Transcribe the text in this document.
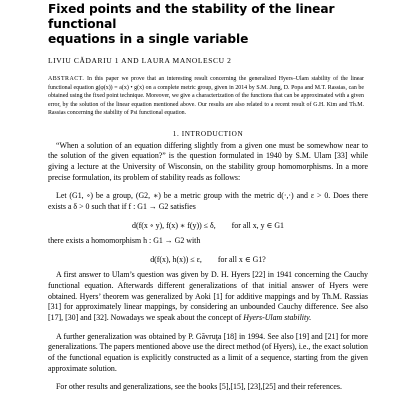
Fixed points and the stability of the linear functional
equations in a single variable
LIVIU CĂDARIU 1 AND LAURA MANOLESCU 2
ABSTRACT. In this paper we prove that an interesting result concerning the generalized Hyers–Ulam stability of the linear functional equation g(φ(x)) = a(x) • g(x) on a complete metric group, given in 2014 by S.M. Jung, D. Popa and M.T. Rassias, can be obtained using the fixed point technique. Moreover, we give a characterization of the functions that can be approximated with a given error, by the solution of the linear equation mentioned above. Our results are also related to a recent result of G.H. Kim and Th.M. Rassias concerning the stability of Psi functional equation.
1. INTRODUCTION

“When a solution of an equation differing slightly from a given one must be somewhow near to the solution of the given equation?” is the question formulated in 1940 by S.M. Ulam [33] while giving a lecture at the University of Wisconsin, on the stability group homomorphisms. In a more precise formulation, its problem of stability reads as follows:

Let (G1, ∘) be a group, (G2, ∗) be a metric group with the metric d(·,·) and ε > 0. Does there exists a δ > 0 such that if f : G1 → G2 satisfies

d(f(x ∘ y), f(x) ∗ f(y)) ≤ δ, for all x, y ∈ G1

there exists a homomorphism h : G1 → G2 with

d(f(x), h(x)) ≤ ε, for all x ∈ G1?

A first answer to Ulam’s question was given by D. H. Hyers [22] in 1941 concerning the Cauchy functional equation. Afterwards different generalizations of that initial answer of Hyers were obtained. Hyers’ theorem was generalized by Aoki [1] for additive mappings and by Th.M. Rassias [31] for approximately linear mappings, by considering an unbounded Cauchy difference. See also [17], [30] and [32]. Nowadays we speak about the concept of Hyers-Ulam stability.

A further generalization was obtained by P. Găvruţa [18] in 1994. See also [19] and [21] for more generalizations. The papers mentioned above use the direct method (of Hyers), i.e., the exact solution of the functional equation is explicitly constructed as a limit of a sequence, starting from the given approximate solution.

For other results and generalizations, see the books [5],[15], [23],[25] and their references.
